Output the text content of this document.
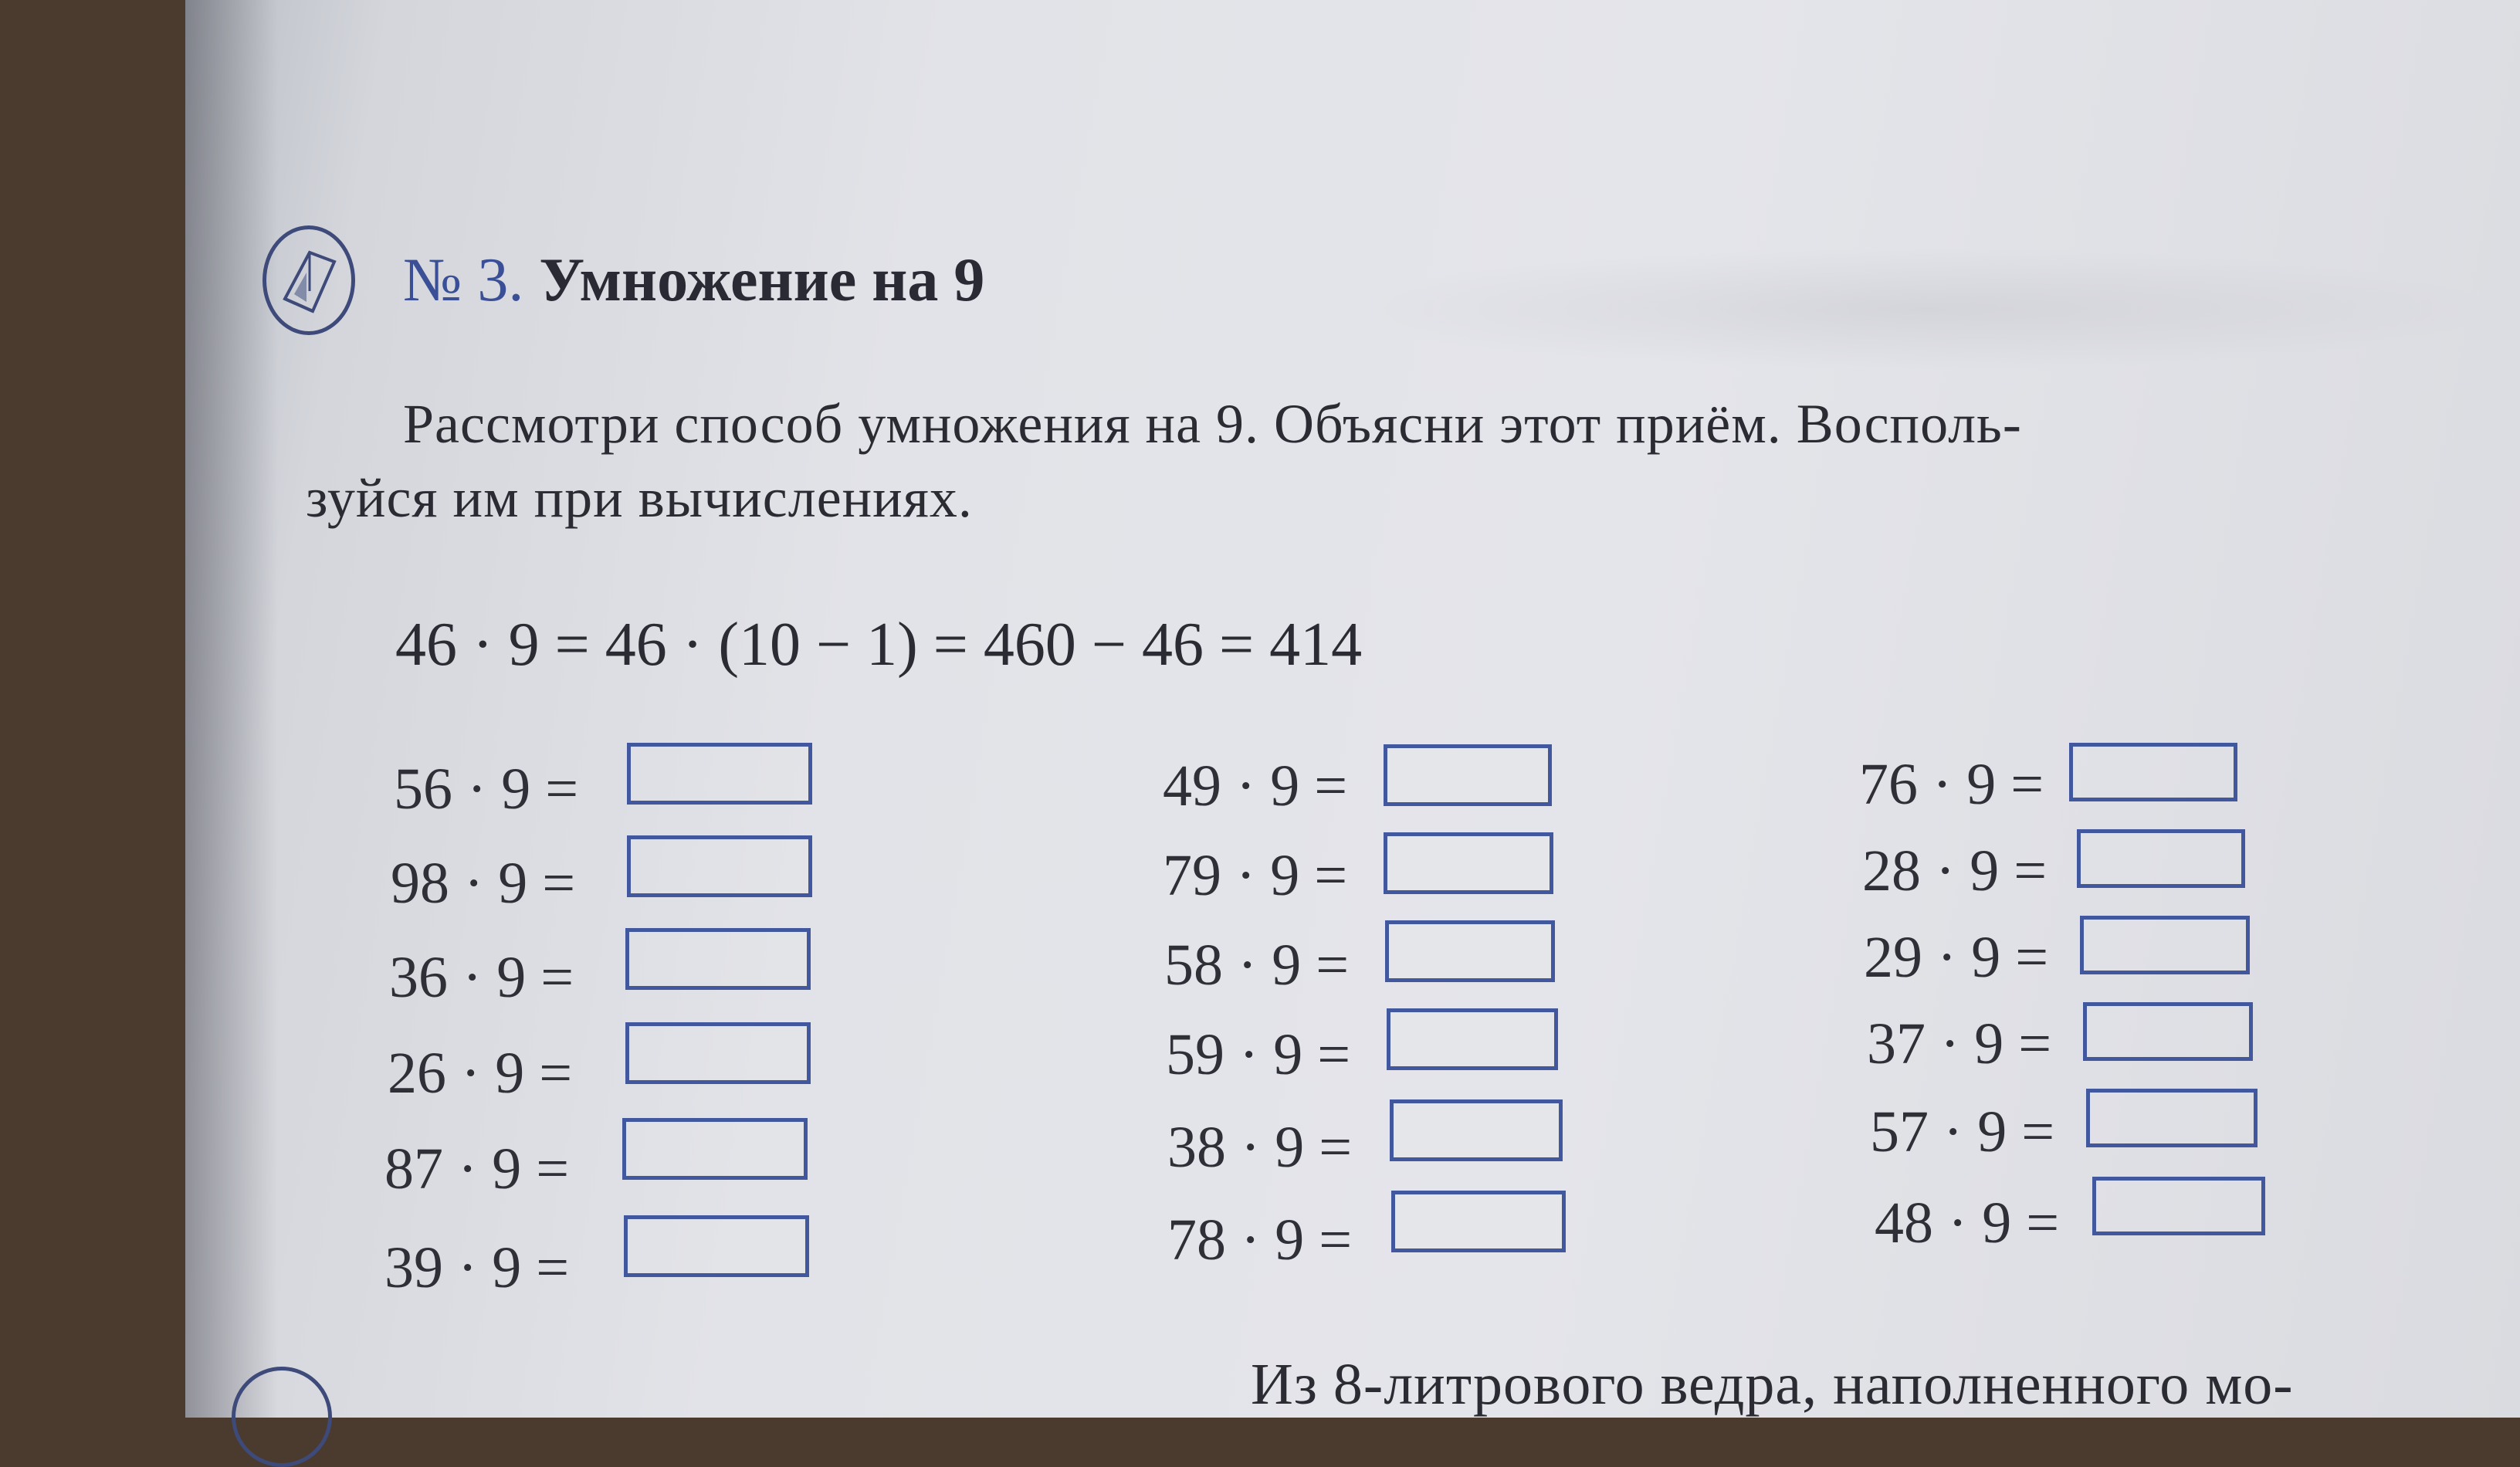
№ 3. Умножение на 9
Рассмотри способ умножения на 9. Объясни этот приём. Восполь-
зуйся им при вычислениях.
46 · 9 = 46 · (10 − 1) = 460 − 46 = 414
56 · 9 =
98 · 9 =
36 · 9 =
26 · 9 =
87 · 9 =
39 · 9 =
49 · 9 =
79 · 9 =
58 · 9 =
59 · 9 =
38 · 9 =
78 · 9 =
76 · 9 =
28 · 9 =
29 · 9 =
37 · 9 =
57 · 9 =
48 · 9 =
Из 8-литрового ведра, наполненного мо-
